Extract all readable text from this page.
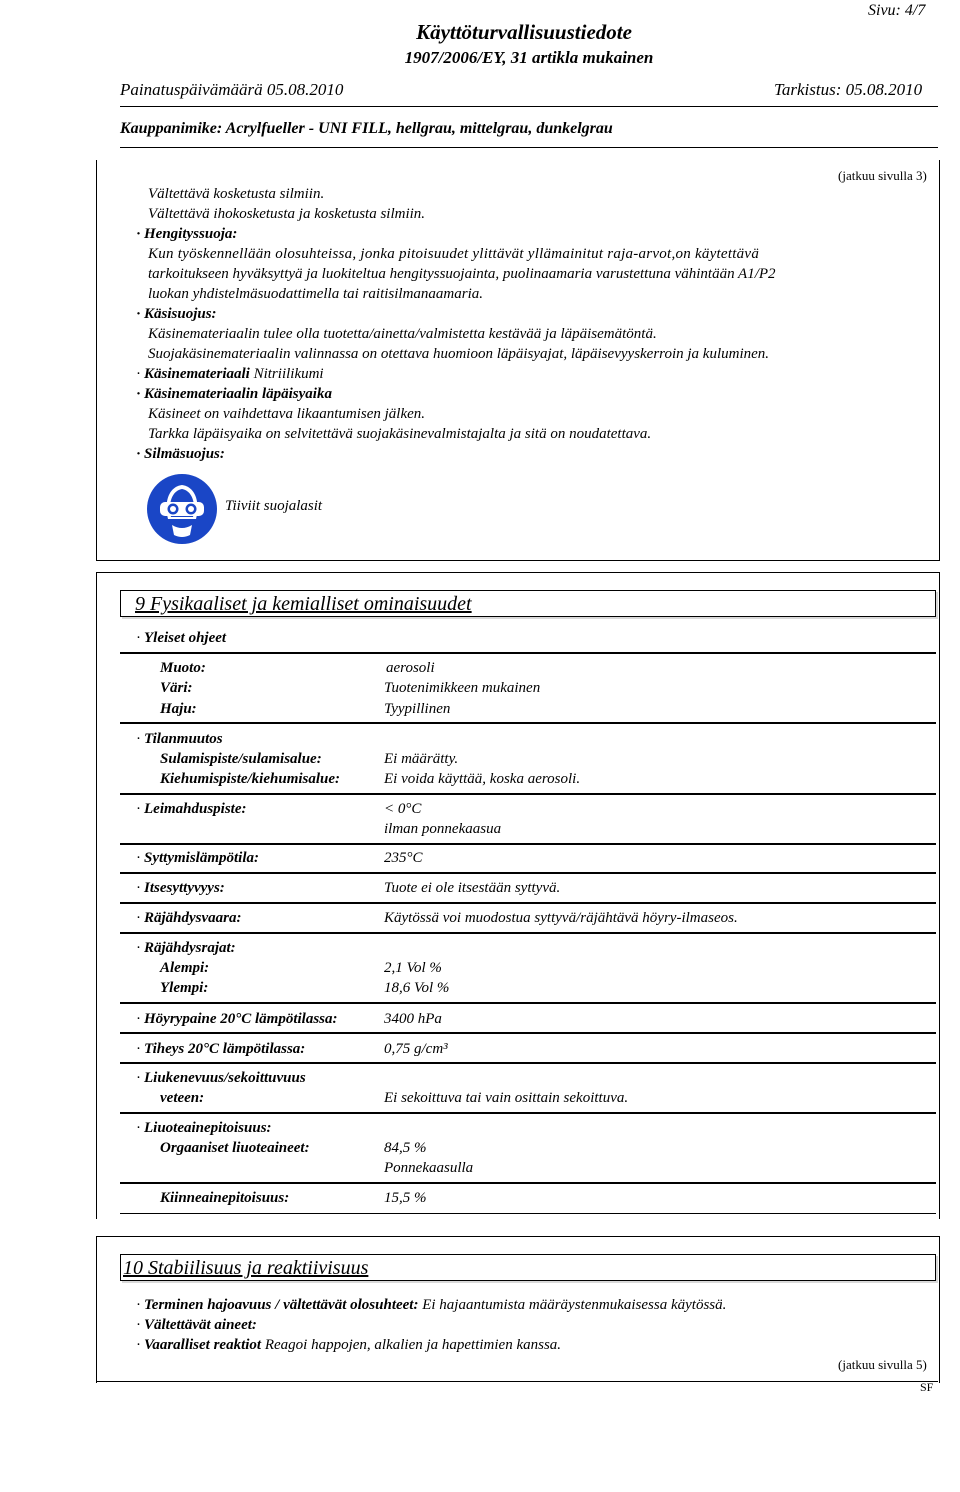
Sivu: 4/7
Käyttöturvallisuustiedote
1907/2006/EY, 31 artikla mukainen
Painatuspäivämäärä 05.08.2010	Tarkistus: 05.08.2010
Kauppanimike: Acrylfueller - UNI FILL, hellgrau, mittelgrau, dunkelgrau
(jatkuu sivulla 3)
Vältettävä kosketusta silmiin.
Vältettävä ihokosketusta ja kosketusta silmiin.
· Hengityssuoja:
Kun työskennellään olosuhteissa, jonka pitoisuudet ylittävät yllämainitut raja-arvot,on käytettävä
tarkoitukseen hyväksyttyä ja luokiteltua hengityssuojainta, puolinaamaria varustettuna vähintään A1/P2
luokan yhdistelmäsuodattimella tai raitisilmanaamaria.
· Käsisuojus:
Käsinemateriaalin tulee olla tuotetta/ainetta/valmistetta kestävää ja läpäisemätöntä.
Suojakäsinemateriaalin valinnassa on otettava huomioon läpäisyajat, läpäisevyyskerroin ja kuluminen.
· Käsinemateriaali Nitriilikumi
· Käsinemateriaalin läpäisyaika
Käsineet on vaihdettava likaantumisen jälken.
Tarkka läpäisyaika on selvitettävä suojakäsinevalmistajalta ja sitä on noudatettava.
· Silmäsuojus:
Tiiviit suojalasit
9 Fysikaaliset ja kemialliset ominaisuudet
· Yleiset ohjeet
Muoto:	aerosoli
Väri:	Tuotenimikkeen mukainen
Haju:	Tyypillinen
· Tilanmuutos
Sulamispiste/sulamisalue:	Ei määrätty.
Kiehumispiste/kiehumisalue:	Ei voida käyttää, koska aerosoli.
· Leimahduspiste:	< 0°C
ilman ponnekaasua
· Syttymislämpötila:	235°C
· Itsesyttyvyys:	Tuote ei ole itsestään syttyvä.
· Räjähdysvaara:	Käytössä voi muodostua syttyvä/räjähtävä höyry-ilmaseos.
· Räjähdysrajat:
Alempi:	2,1 Vol %
Ylempi:	18,6 Vol %
· Höyrypaine 20°C lämpötilassa:	3400 hPa
· Tiheys 20°C lämpötilassa:	0,75 g/cm³
· Liukenevuus/sekoittuvuus
veteen:	Ei sekoittuva tai vain osittain sekoittuva.
· Liuoteainepitoisuus:
Orgaaniset liuoteaineet:	84,5 %
Ponnekaasulla
Kiinneainepitoisuus:	15,5 %
10 Stabiilisuus ja reaktiivisuus
· Terminen hajoavuus / vältettävät olosuhteet: Ei hajaantumista määräystenmukaisessa käytössä.
· Vältettävät aineet:
· Vaaralliset reaktiot Reagoi happojen, alkalien ja hapettimien kanssa.
(jatkuu sivulla 5)
SF
